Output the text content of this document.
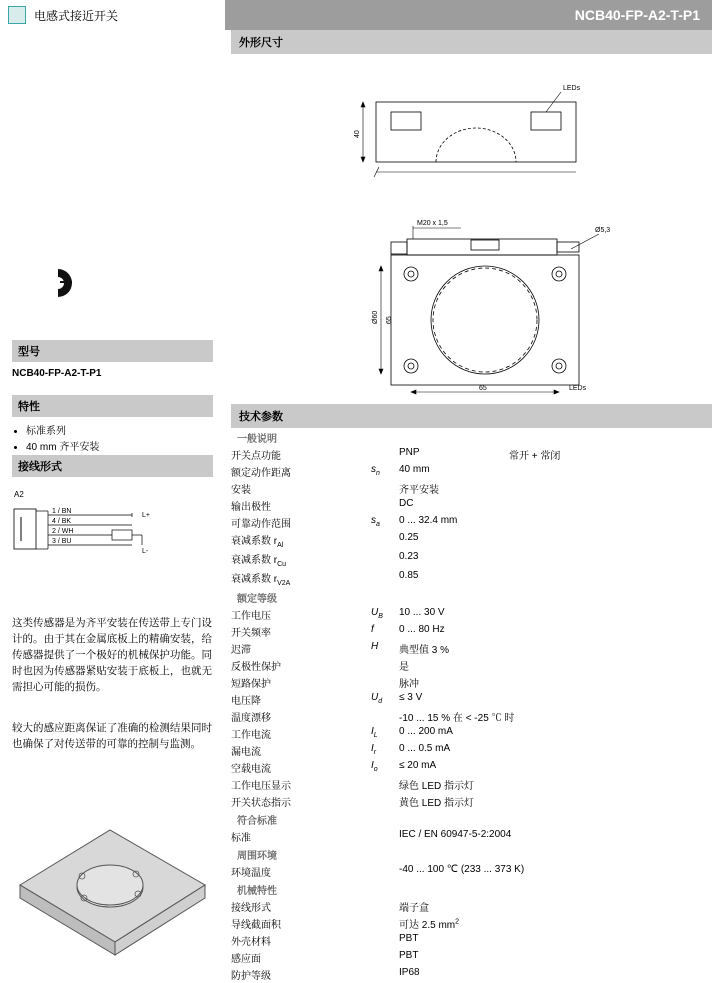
电感式接近开关	NCB40-FP-A2-T-P1
型号
NCB40-FP-A2-T-P1
特性
• 标准系列
• 40 mm 齐平安装
接线形式
A2
1 / BN
4 / BK
2 / WH
3 / BU
L+
L-
这类传感器是为齐平安装在传送带上专门设计的。由于其在金属底板上的精确安装，给传感器提供了一个极好的机械保护功能。同时也因为传感器紧贴安装于底板上，也就无需担心可能的损伤。
较大的感应距离保证了准确的检测结果同时也确保了对传送带的可靠的控制与监测。
外形尺寸
LEDs
40
M20 x 1,5
Ø5,3
Ø60 65
65	LEDs
技术参数
一般说明
开关点功能		PNP	常开 + 常闭
额定动作距离	$s_n$	40 mm	
安装		齐平安装	
输出极性		DC	
可靠动作范围	$s_a$	0 ... 32.4 mm	
衰减系数 $r_{Al}$		0.25	
衰减系数 $r_{Cu}$		0.23	
衰减系数 $r_{V2A}$		0.85	
额定等级
工作电压	$U_B$	10 ... 30 V	
开关频率	f	0 ... 80 Hz	
迟滞	H	典型值 3 %	
反极性保护		是	
短路保护		脉冲	
电压降	$U_d$	≤ 3 V	
温度漂移		-10 ... 15 % 在 < -25 ℃ 时	
工作电流	$I_L$	0 ... 200 mA	
漏电流	$I_r$	0 ... 0.5 mA	
空载电流	$I_o$	≤ 20 mA	
工作电压显示		绿色 LED 指示灯	
开关状态指示		黄色 LED 指示灯	
符合标准
标准		IEC / EN 60947-5-2:2004
周围环境
环境温度		-40 ... 100 ℃ (233 ... 373 K)
机械特性
接线形式		端子盒	
导线截面积		可达 2.5 $mm^2$	
外壳材料		PBT	
感应面		PBT	
防护等级		IP68	
